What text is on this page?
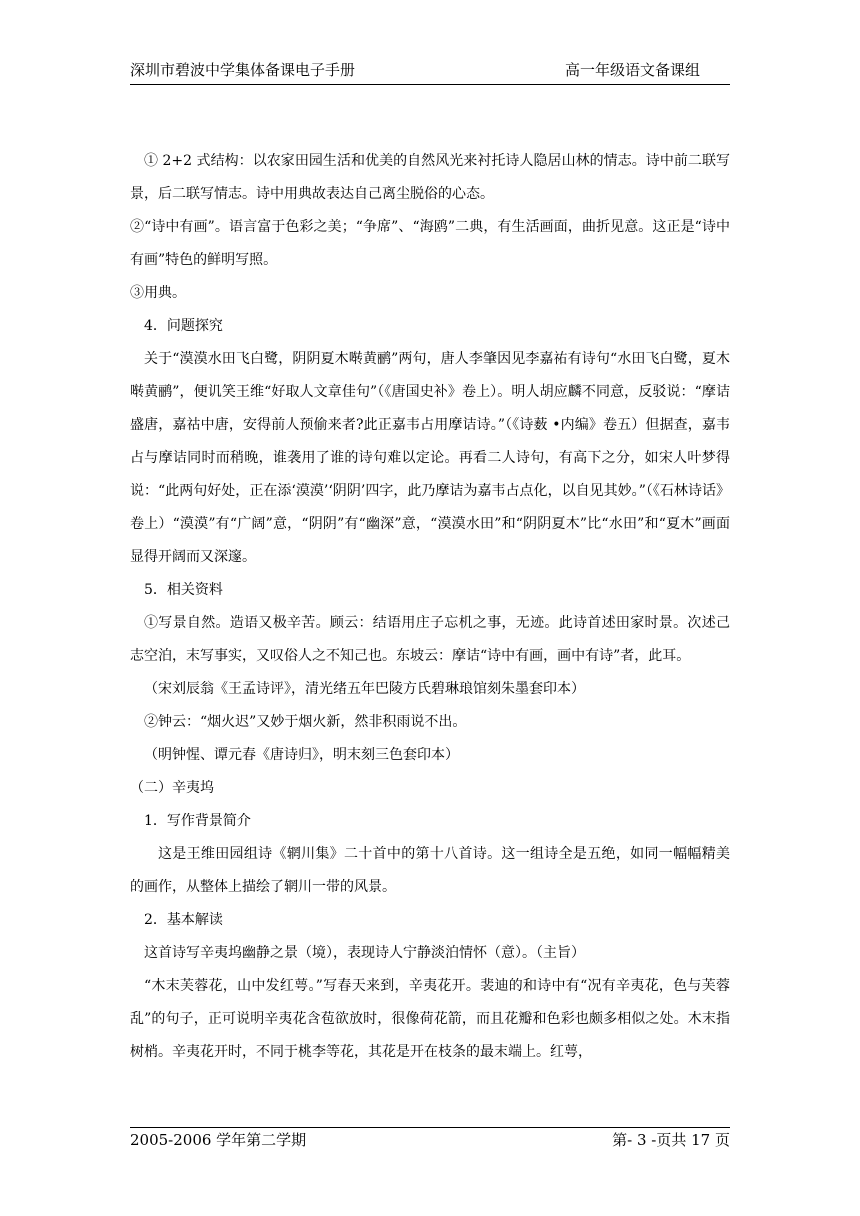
深圳市碧波中学集体备课电子手册	高一年级语文备课组

① 2+2 式结构：以农家田园生活和优美的自然风光来衬托诗人隐居山林的情志。诗中前二联写景，后二联写情志。诗中用典故表达自己离尘脱俗的心态。

②“诗中有画”。语言富于色彩之美；“争席”、“海鸥”二典，有生活画面，曲折见意。这正是“诗中有画”特色的鲜明写照。

③用典。

4．问题探究

关于“漠漠水田飞白鹭，阴阴夏木啭黄鹂”两句，唐人李肇因见李嘉祐有诗句“水田飞白鹭，夏木啭黄鹂”，便讥笑王维“好取人文章佳句”（《唐国史补》卷上）。明人胡应麟不同意，反驳说：“摩诘盛唐，嘉祜中唐，安得前人预偷来者?此正嘉韦占用摩诘诗。”（《诗薮 •内编》卷五）但据查，嘉韦占与摩诘同时而稍晚，谁袭用了谁的诗句难以定论。再看二人诗句，有高下之分，如宋人叶梦得说：“此两句好处，正在添‘漠漠’‘阴阴’四字，此乃摩诘为嘉韦占点化，以自见其妙。”（《石林诗话》卷上）“漠漠”有“广阔”意，“阴阴”有“幽深”意，“漠漠水田”和“阴阴夏木”比“水田”和“夏木”画面显得开阔而又深邃。

5．相关资料

①写景自然。造语又极辛苦。顾云：结语用庄子忘机之事，无迹。此诗首述田家时景。次述己志空泊，末写事实，又叹俗人之不知己也。东坡云：摩诘“诗中有画，画中有诗”者，此耳。

（宋刘辰翁《王孟诗评》，清光绪五年巴陵方氏碧琳琅馆刻朱墨套印本）

②钟云：“烟火迟”又妙于烟火新，然非积雨说不出。

（明钟惺、谭元春《唐诗归》，明末刻三色套印本）

（二）辛夷坞

1．写作背景简介

这是王维田园组诗《辋川集》二十首中的第十八首诗。这一组诗全是五绝，如同一幅幅精美的画作，从整体上描绘了辋川一带的风景。

2．基本解读

这首诗写辛夷坞幽静之景（境），表现诗人宁静淡泊情怀（意）。（主旨）

“木末芙蓉花，山中发红萼。”写春天来到，辛夷花开。裴迪的和诗中有“况有辛夷花，色与芙蓉乱”的句子，正可说明辛夷花含苞欲放时，很像荷花箭，而且花瓣和色彩也颇多相似之处。木末指树梢。辛夷花开时，不同于桃李等花，其花是开在枝条的最末端上。红萼，

2005-2006 学年第二学期	第- 3 -页共 17 页
